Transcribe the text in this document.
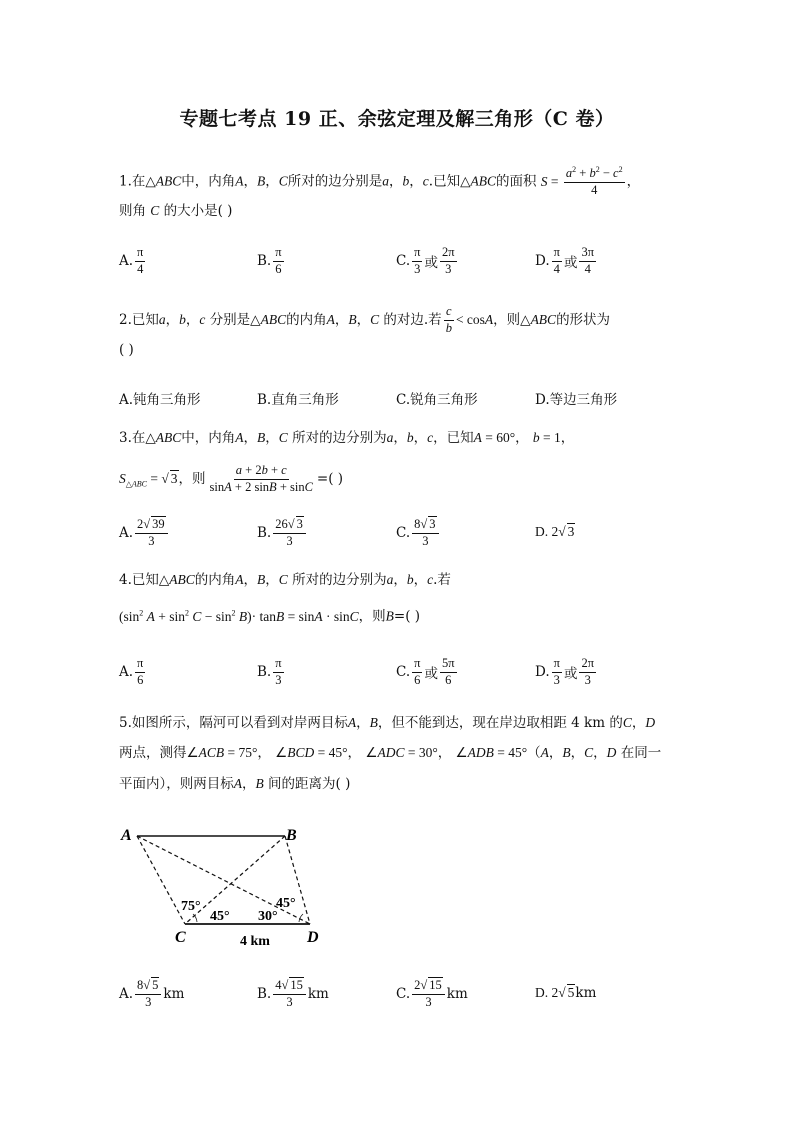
专题七考点 19 正、余弦定理及解三角形（C 卷）
1.在△ABC中，内角A，B，C所对的边分别是a，b，c.已知△ABC的面积 $S = \frac{a^2 + b^2 - c^2}{4}$ ，
则角 C 的大小是( )
A. $\frac{\pi}{4}$	B. $\frac{\pi}{6}$	C. $\frac{\pi}{3}$ 或 $\frac{2\pi}{3}$	D. $\frac{\pi}{4}$ 或 $\frac{3\pi}{4}$
2.已知a，b，c 分别是△ABC的内角A，B，C 的对边.若 $\frac{c}{b} < \cos A$，则△ABC的形状为
( )
A.钝角三角形	B.直角三角形	C.锐角三角形	D.等边三角形
3.在△ABC中，内角A，B，C 所对的边分别为a，b，c，已知A = 60°， b = 1，
$S_{\triangle ABC}$ = √ 3，则 $\frac{a + 2b + c}{\sin A + 2 \sin B + \sin C}$ =( )
A. $\frac{2√ 39}{3}$	B. $\frac{26√ 3}{3}$	C. $\frac{8√ 3}{3}$	D. 2√ 3
4.已知△ABC的内角A，B，C 所对的边分别为a，b，c.若
($\sin^2$ $A + \sin^2 C - \sin^2 B)\cdot \tan B = \sin A \cdot \sin C$，则B=( )
A. $\frac{\pi}{6}$	B. $\frac{\pi}{3}$	C. $\frac{\pi}{6}$ 或 $\frac{5\pi}{6}$	D. $\frac{\pi}{3}$ 或 $\frac{2\pi}{3}$
5.如图所示，隔河可以看到对岸两目标A，B，但不能到达，现在岸边取相距 4 km 的C，D
两点，测得∠ACB = 75°， ∠BCD = 45°， ∠ADC = 30°， ∠ADB = 45°（A，B，C，D 在同一
平面内），则两目标A，B 间的距离为( )
A	B
C	D
75°
45° 30°
45°
4 km
A. $\frac{8√ 5}{3}$ km	B. $\frac{4√ 15}{3}$ km	C. $\frac{2√ 15}{3}$ km	D. 2√ 5 km
